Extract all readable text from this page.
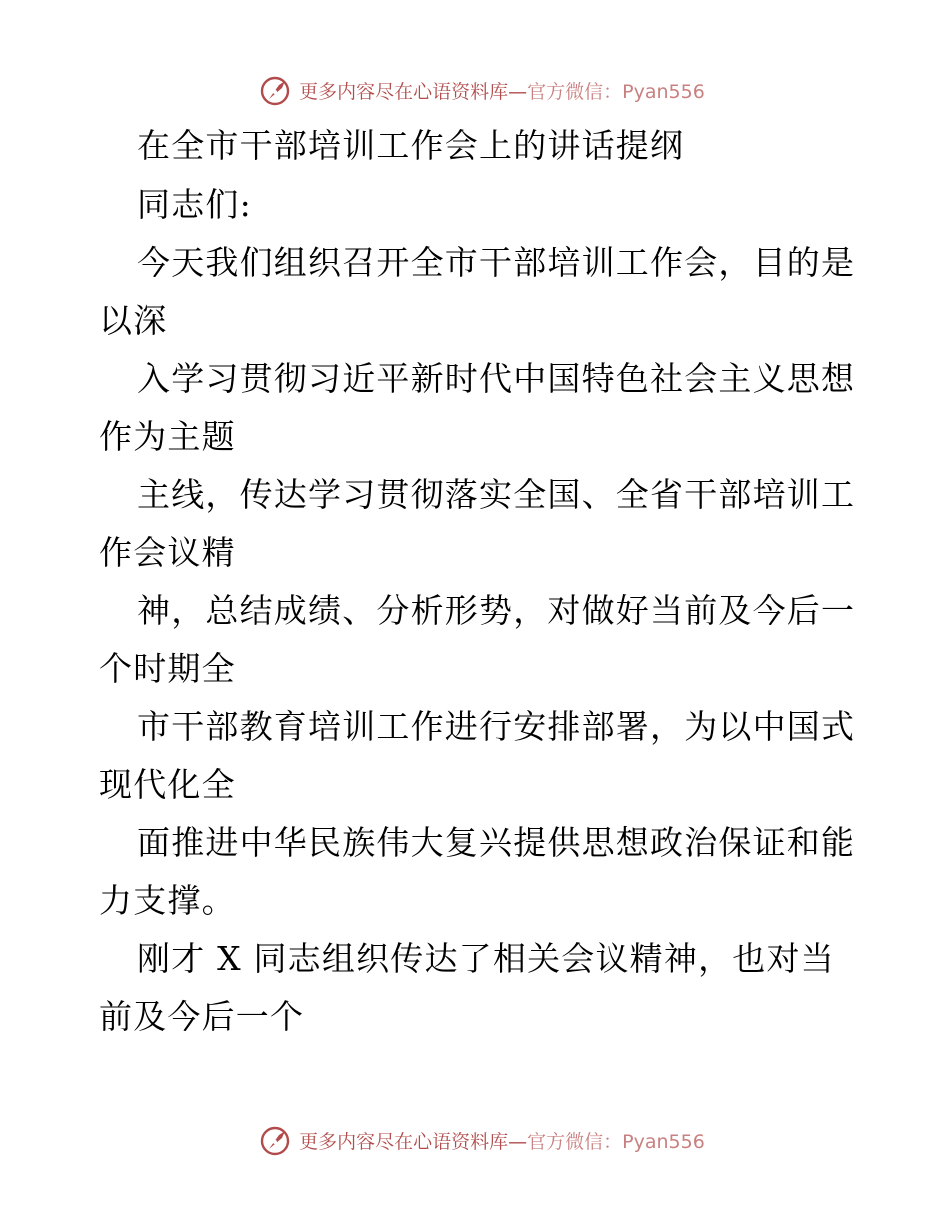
更多内容尽在心语资料库—官方微信：Pyan556
在全市干部培训工作会上的讲话提纲
同志们:
今天我们组织召开全市干部培训工作会，目的是
以深
入学习贯彻习近平新时代中国特色社会主义思想
作为主题
主线，传达学习贯彻落实全国、全省干部培训工
作会议精
神，总结成绩、分析形势，对做好当前及今后一
个时期全
市干部教育培训工作进行安排部署，为以中国式
现代化全
面推进中华民族伟大复兴提供思想政治保证和能
力支撑。
刚才 X 同志组织传达了相关会议精神，也对当
前及今后一个
更多内容尽在心语资料库—官方微信：Pyan556
